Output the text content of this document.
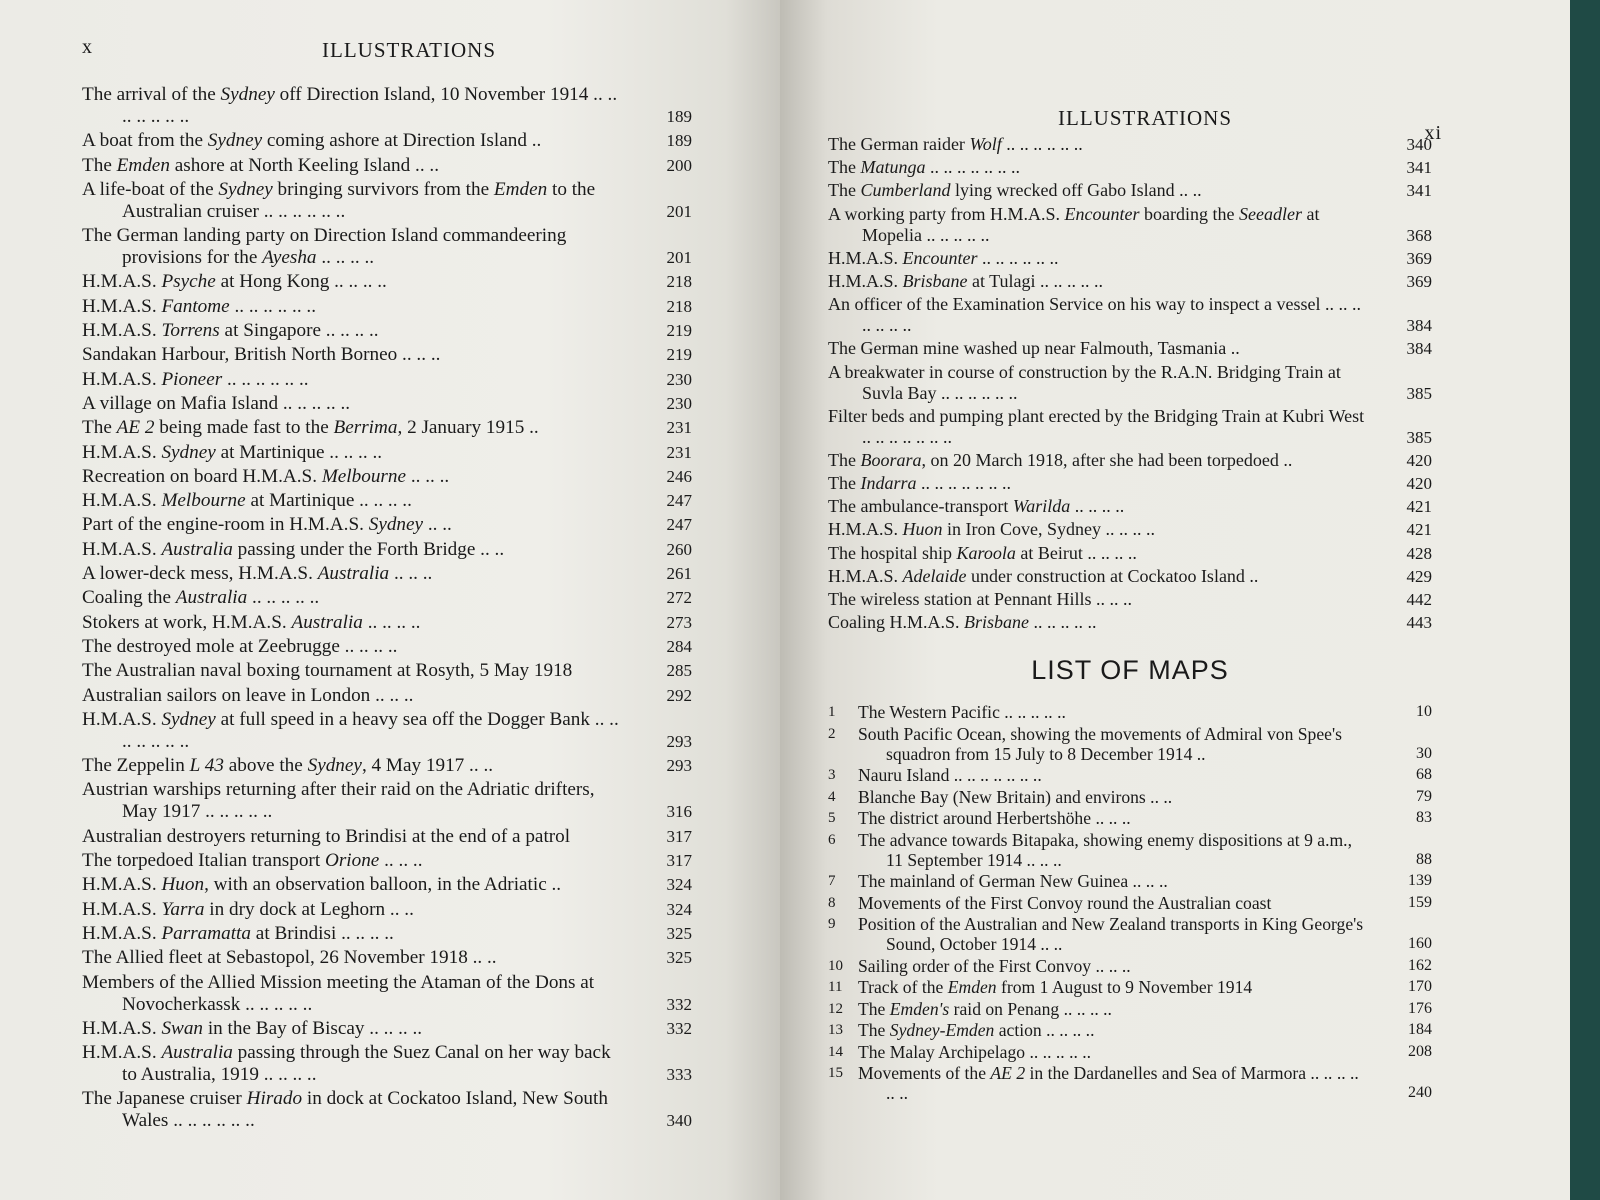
x	ILLUSTRATIONS
The arrival of the Sydney off Direction Island, 10 November 1914 .. .. .. .. .. .. ..	189
A boat from the Sydney coming ashore at Direction Island ..	189
The Emden ashore at North Keeling Island .. ..	200
A life-boat of the Sydney bringing survivors from the Emden to the Australian cruiser .. .. .. .. .. ..	201
The German landing party on Direction Island commandeering provisions for the Ayesha .. .. .. ..	201
H.M.A.S. Psyche at Hong Kong .. .. .. ..	218
H.M.A.S. Fantome .. .. .. .. .. ..	218
H.M.A.S. Torrens at Singapore .. .. .. ..	219
Sandakan Harbour, British North Borneo .. .. ..	219
H.M.A.S. Pioneer .. .. .. .. .. ..	230
A village on Mafia Island .. .. .. .. ..	230
The AE 2 being made fast to the Berrima, 2 January 1915 ..	231
H.M.A.S. Sydney at Martinique .. .. .. ..	231
Recreation on board H.M.A.S. Melbourne .. .. ..	246
H.M.A.S. Melbourne at Martinique .. .. .. ..	247
Part of the engine-room in H.M.A.S. Sydney .. ..	247
H.M.A.S. Australia passing under the Forth Bridge .. ..	260
A lower-deck mess, H.M.A.S. Australia .. .. ..	261
Coaling the Australia .. .. .. .. ..	272
Stokers at work, H.M.A.S. Australia .. .. .. ..	273
The destroyed mole at Zeebrugge .. .. .. ..	284
The Australian naval boxing tournament at Rosyth, 5 May 1918	285
Australian sailors on leave in London .. .. ..	292
H.M.A.S. Sydney at full speed in a heavy sea off the Dogger Bank .. .. .. .. .. .. ..	293
The Zeppelin L 43 above the Sydney, 4 May 1917 .. ..	293
Austrian warships returning after their raid on the Adriatic drifters, May 1917 .. .. .. .. ..	316
Australian destroyers returning to Brindisi at the end of a patrol	317
The torpedoed Italian transport Orione .. .. ..	317
H.M.A.S. Huon, with an observation balloon, in the Adriatic ..	324
H.M.A.S. Yarra in dry dock at Leghorn .. ..	324
H.M.A.S. Parramatta at Brindisi .. .. .. ..	325
The Allied fleet at Sebastopol, 26 November 1918 .. ..	325
Members of the Allied Mission meeting the Ataman of the Dons at Novocherkassk .. .. .. .. ..	332
H.M.A.S. Swan in the Bay of Biscay .. .. .. ..	332
H.M.A.S. Australia passing through the Suez Canal on her way back to Australia, 1919 .. .. .. ..	333
The Japanese cruiser Hirado in dock at Cockatoo Island, New South Wales .. .. .. .. .. ..	340
ILLUSTRATIONS
xi
The German raider Wolf .. .. .. .. .. ..	340
The Matunga .. .. .. .. .. .. ..	341
The Cumberland lying wrecked off Gabo Island .. ..	341
A working party from H.M.A.S. Encounter boarding the Seeadler at Mopelia .. .. .. .. ..	368
H.M.A.S. Encounter .. .. .. .. .. ..	369
H.M.A.S. Brisbane at Tulagi .. .. .. .. ..	369
An officer of the Examination Service on his way to inspect a vessel .. .. .. .. .. .. ..	384
The German mine washed up near Falmouth, Tasmania ..	384
A breakwater in course of construction by the R.A.N. Bridging Train at Suvla Bay .. .. .. .. .. ..	385
Filter beds and pumping plant erected by the Bridging Train at Kubri West .. .. .. .. .. .. ..	385
The Boorara, on 20 March 1918, after she had been torpedoed ..	420
The Indarra .. .. .. .. .. .. ..	420
The ambulance-transport Warilda .. .. .. ..	421
H.M.A.S. Huon in Iron Cove, Sydney .. .. .. ..	421
The hospital ship Karoola at Beirut .. .. .. ..	428
H.M.A.S. Adelaide under construction at Cockatoo Island ..	429
The wireless station at Pennant Hills .. .. ..	442
Coaling H.M.A.S. Brisbane .. .. .. .. ..	443
LIST OF MAPS
1 The Western Pacific .. .. .. .. ..	10
2 South Pacific Ocean, showing the movements of Admiral von Spee's squadron from 15 July to 8 December 1914 ..	30
3 Nauru Island .. .. .. .. .. .. ..	68
4 Blanche Bay (New Britain) and environs .. ..	79
5 The district around Herbertshöhe .. .. ..	83
6 The advance towards Bitapaka, showing enemy dispositions at 9 a.m., 11 September 1914 .. .. ..	88
7 The mainland of German New Guinea .. .. ..	139
8 Movements of the First Convoy round the Australian coast	159
9 Position of the Australian and New Zealand transports in King George's Sound, October 1914 .. ..	160
10 Sailing order of the First Convoy .. .. ..	162
11 Track of the Emden from 1 August to 9 November 1914	170
12 The Emden's raid on Penang .. .. .. ..	176
13 The Sydney-Emden action .. .. .. ..	184
14 The Malay Archipelago .. .. .. .. ..	208
15 Movements of the AE 2 in the Dardanelles and Sea of Marmora .. .. .. .. .. ..	240
